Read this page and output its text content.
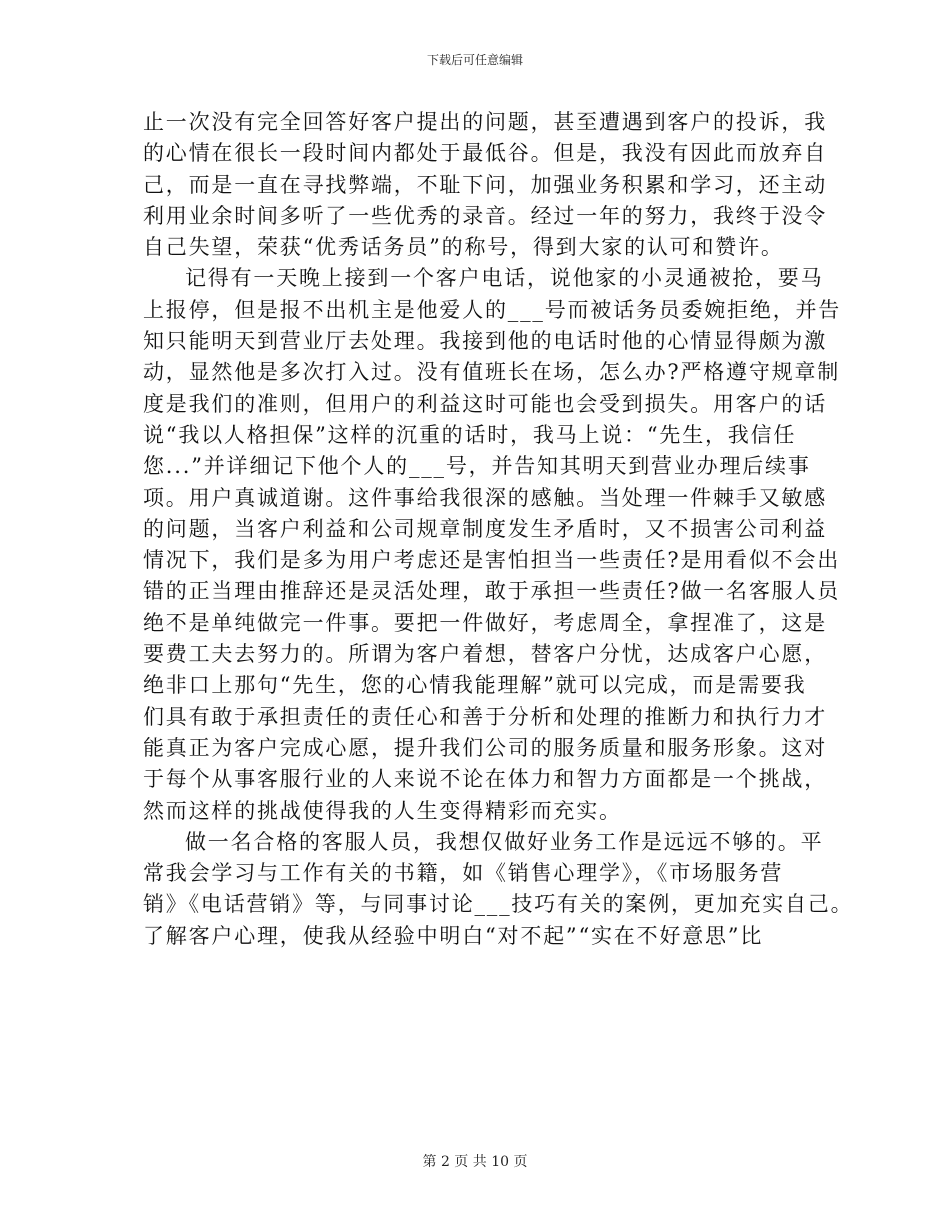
下载后可任意编辑
止一次没有完全回答好客户提出的问题，甚至遭遇到客户的投诉，我
的心情在很长一段时间内都处于最低谷。但是，我没有因此而放弃自
己，而是一直在寻找弊端，不耻下问，加强业务积累和学习，还主动
利用业余时间多听了一些优秀的录音。经过一年的努力，我终于没令
自己失望，荣获“优秀话务员”的称号，得到大家的认可和赞许。
记得有一天晚上接到一个客户电话，说他家的小灵通被抢，要马
上报停，但是报不出机主是他爱人的___号而被话务员委婉拒绝，并告
知只能明天到营业厅去处理。我接到他的电话时他的心情显得颇为激
动，显然他是多次打入过。没有值班长在场，怎么办?严格遵守规章制
度是我们的准则，但用户的利益这时可能也会受到损失。用客户的话
说“我以人格担保”这样的沉重的话时，我马上说：“先生，我信任
您...”并详细记下他个人的___号，并告知其明天到营业办理后续事
项。用户真诚道谢。这件事给我很深的感触。当处理一件棘手又敏感
的问题，当客户利益和公司规章制度发生矛盾时，又不损害公司利益
情况下，我们是多为用户考虑还是害怕担当一些责任?是用看似不会出
错的正当理由推辞还是灵活处理，敢于承担一些责任?做一名客服人员
绝不是单纯做完一件事。要把一件做好，考虑周全，拿捏准了，这是
要费工夫去努力的。所谓为客户着想，替客户分忧，达成客户心愿，
绝非口上那句“先生，您的心情我能理解”就可以完成，而是需要我
们具有敢于承担责任的责任心和善于分析和处理的推断力和执行力才
能真正为客户完成心愿，提升我们公司的服务质量和服务形象。这对
于每个从事客服行业的人来说不论在体力和智力方面都是一个挑战，
然而这样的挑战使得我的人生变得精彩而充实。
做一名合格的客服人员，我想仅做好业务工作是远远不够的。平
常我会学习与工作有关的书籍，如《销售心理学》，《市场服务营
销》《电话营销》等，与同事讨论___技巧有关的案例，更加充实自己。
了解客户心理，使我从经验中明白“对不起”“实在不好意思”比
第 2 页 共 10 页
